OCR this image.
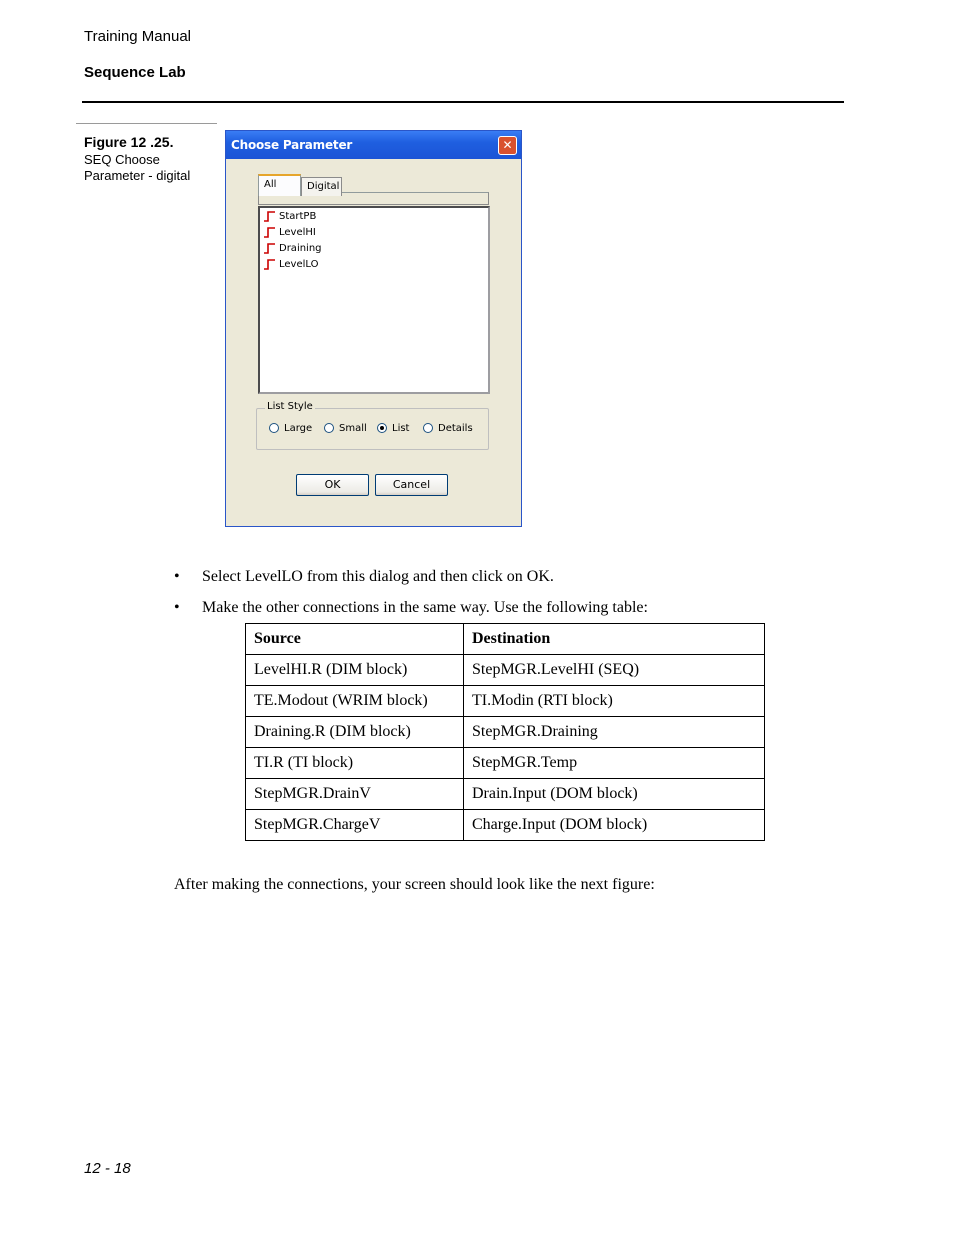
Training Manual
Sequence Lab
Figure 12 .25.
SEQ Choose Parameter - digital
Choose Parameter	✕
Digital
All
StartPB
LevelHI
Draining
LevelLO
List Style
Large	Small	List	Details
OK	Cancel
• Select LevelLO from this dialog and then click on OK.
• Make the other connections in the same way. Use the following table:
Source	Destination
LevelHI.R (DIM block)	StepMGR.LevelHI (SEQ)
TE.Modout (WRIM block)	TI.Modin (RTI block)
Draining.R (DIM block)	StepMGR.Draining
TI.R (TI block)	StepMGR.Temp
StepMGR.DrainV	Drain.Input (DOM block)
StepMGR.ChargeV	Charge.Input (DOM block)
After making the connections, your screen should look like the next figure:
12 - 18
